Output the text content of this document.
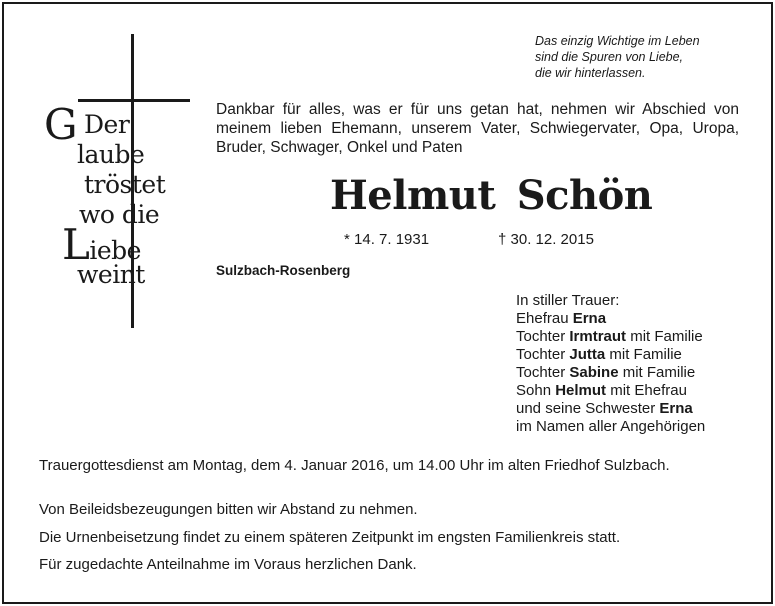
G Der
laube
tröstet
wo die
Liebe
weint
Das einzig Wichtige im Leben
sind die Spuren von Liebe,
die wir hinterlassen.
Dankbar für alles, was er für uns getan hat, nehmen wir Abschied von meinem lieben Ehemann, unserem Vater, Schwiegervater, Opa, Uropa, Bruder, Schwager, Onkel und Paten
Helmut Schön
* 14. 7. 1931	† 30. 12. 2015
Sulzbach-Rosenberg
In stiller Trauer:
Ehefrau Erna
Tochter Irmtraut mit Familie
Tochter Jutta mit Familie
Tochter Sabine mit Familie
Sohn Helmut mit Ehefrau
und seine Schwester Erna
im Namen aller Angehörigen
Trauergottesdienst am Montag, dem 4. Januar 2016, um 14.00 Uhr im alten Friedhof Sulzbach.
Von Beileidsbezeugungen bitten wir Abstand zu nehmen.
Die Urnenbeisetzung findet zu einem späteren Zeitpunkt im engsten Familienkreis statt.
Für zugedachte Anteilnahme im Voraus herzlichen Dank.
